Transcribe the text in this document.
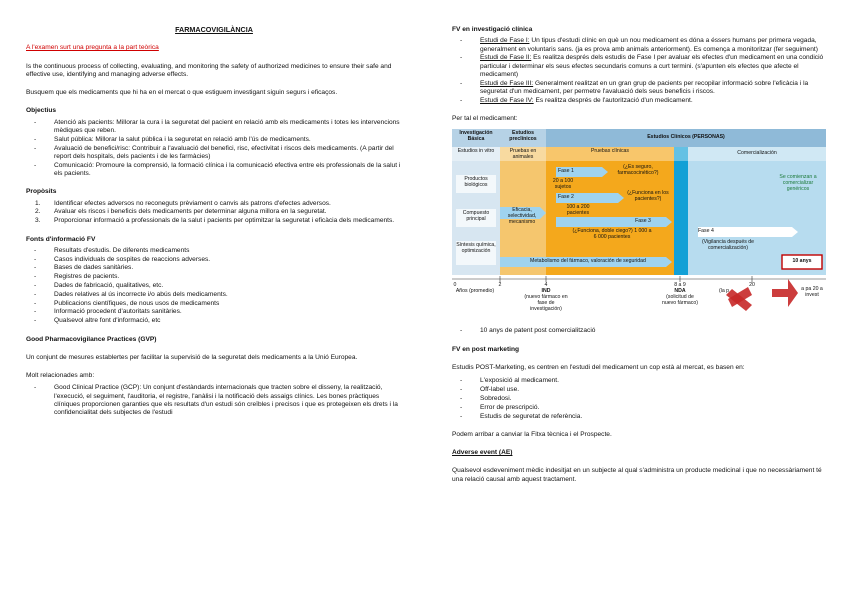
FARMACOVIGILÀNCIA

A l'examen surt una pregunta a la part teòrica

Is the continuous process of collecting, evaluating, and monitoring the safety of authorized medicines to ensure their safe and effective use, identifying and managing adverse effects.

Busquem que els medicaments que hi ha en el mercat o que estiguem investigant siguin segurs i eficaços.

Objectius
- Atenció als pacients: Millorar la cura i la seguretat del pacient en relació amb els medicaments i totes les intervencions mèdiques que reben.
- Salut pública: Millorar la salut pública i la seguretat en relació amb l'ús de medicaments.
- Avaluació de benefici/risc: Contribuir a l'avaluació del benefici, risc, efectivitat i riscos dels medicaments. (A partir del report dels hospitals, dels pacients i de les farmàcies)
- Comunicació: Promoure la comprensió, la formació clínica i la comunicació efectiva entre els professionals de la salut i els pacients.
Propòsits
1. Identificar efectes adversos no reconeguts prèviament o canvis als patrons d'efectes adversos.
2. Avaluar els riscos i beneficis dels medicaments per determinar alguna millora en la seguretat.
3. Proporcionar informació a professionals de la salut i pacients per optimitzar la seguretat i eficàcia dels medicaments.
Fonts d'informació FV
- Resultats d'estudis. De diferents medicaments
- Casos individuals de sospites de reaccions adverses.
- Bases de dades sanitàries.
- Registres de pacients.
- Dades de fabricació, qualitatives, etc.
- Dades relatives al ús incorrecte i/o abús dels medicaments.
- Publicacions científiques, de nous usos de medicaments
- Informació procedent d'autoritats sanitàries.
- Qualsevol altre font d'informació, etc
Good Pharmacovigilance Practices (GVP)

Un conjunt de mesures establertes per facilitar la supervisió de la seguretat dels medicaments a la Unió Europea.

Molt relacionades amb:

- Good Clinical Practice (GCP): Un conjunt d'estàndards internacionals que tracten sobre el disseny, la realització, l'execució, el seguiment, l'auditoria, el registre, l'anàlisi i la notificació dels assaigs clínics. Les bones pràctiques clíniques proporcionen garanties que els resultats d'un estudi són creïbles i precisos i que es protegeixen els drets i la confidencialitat dels subjectes de l'estudi
FV en investigació clínica
- Estudi de Fase I: Un tipus d'estudi clínic en què un nou medicament es dóna a éssers humans per primera vegada, generalment en voluntaris sans. (ja es prova amb animals anteriorment). Es comença a monitoritzar (fer seguiment)
- Estudi de Fase II: Es realitza després dels estudis de Fase I per avaluar els efectes d'un medicament en una condició particular i determinar els seus efectes secundaris comuns a curt termini. (s'apunten els efectes que afecte el medicament)
- Estudi de Fase III: Generalment realitzat en un gran grup de pacients per recopilar informació sobre l'eficàcia i la seguretat d'un medicament, per permetre l'avaluació dels seus beneficis i riscos.
- Estudi de Fase IV: Es realitza després de l'autorització d'un medicament.

Per tal el medicament:

Investigación Básica
Estudios preclínicos	Estudios Clínicos (PERSONAS)
Estudios in vitro	Pruebas en animales
Pruebas clínicas	Comercialización
Productos biológicos
Compuesto principal
Síntesis química, optimización
Eficacia, selectividad, mecanismo
Fase 1
20 a 100 sujetos
(¿Es seguro, farmacocinético?)
Fase 2
100 a 200 pacientes
(¿Funciona en los pacientes?)
Fase 3
(¿Funciona, doble ciego?) 1 000 a 6 000 pacientes
Metabolismo del fármaco, valoración de seguridad
Fase 4
(Vigilancia después de comercialización)
Se comienzan a comercializar genéricos
10 anys
0	2
Años (promedio)
4
IND
(nuevo fármaco en fase de investigación)
8 a 9
NDA
(solicitud de nuevo fármaco)
20
(la p	a pa 20 a invest
- 10 anys de patent post comercialització
FV en post marketing

Estudis POST-Marketing, es centren en l'estudi del medicament un cop està al mercat, es basen en:

- L'exposició al medicament.
- Off-label use.
- Sobredosi.
- Error de prescripció.
- Estudis de seguretat de referència.

Podem arribar a canviar la Fitxa tècnica i el Prospecte.

Adverse event (AE)

Qualsevol esdeveniment mèdic indesitjat en un subjecte al qual s'administra un producte medicinal i que no necessàriament té una relació causal amb aquest tractament.
